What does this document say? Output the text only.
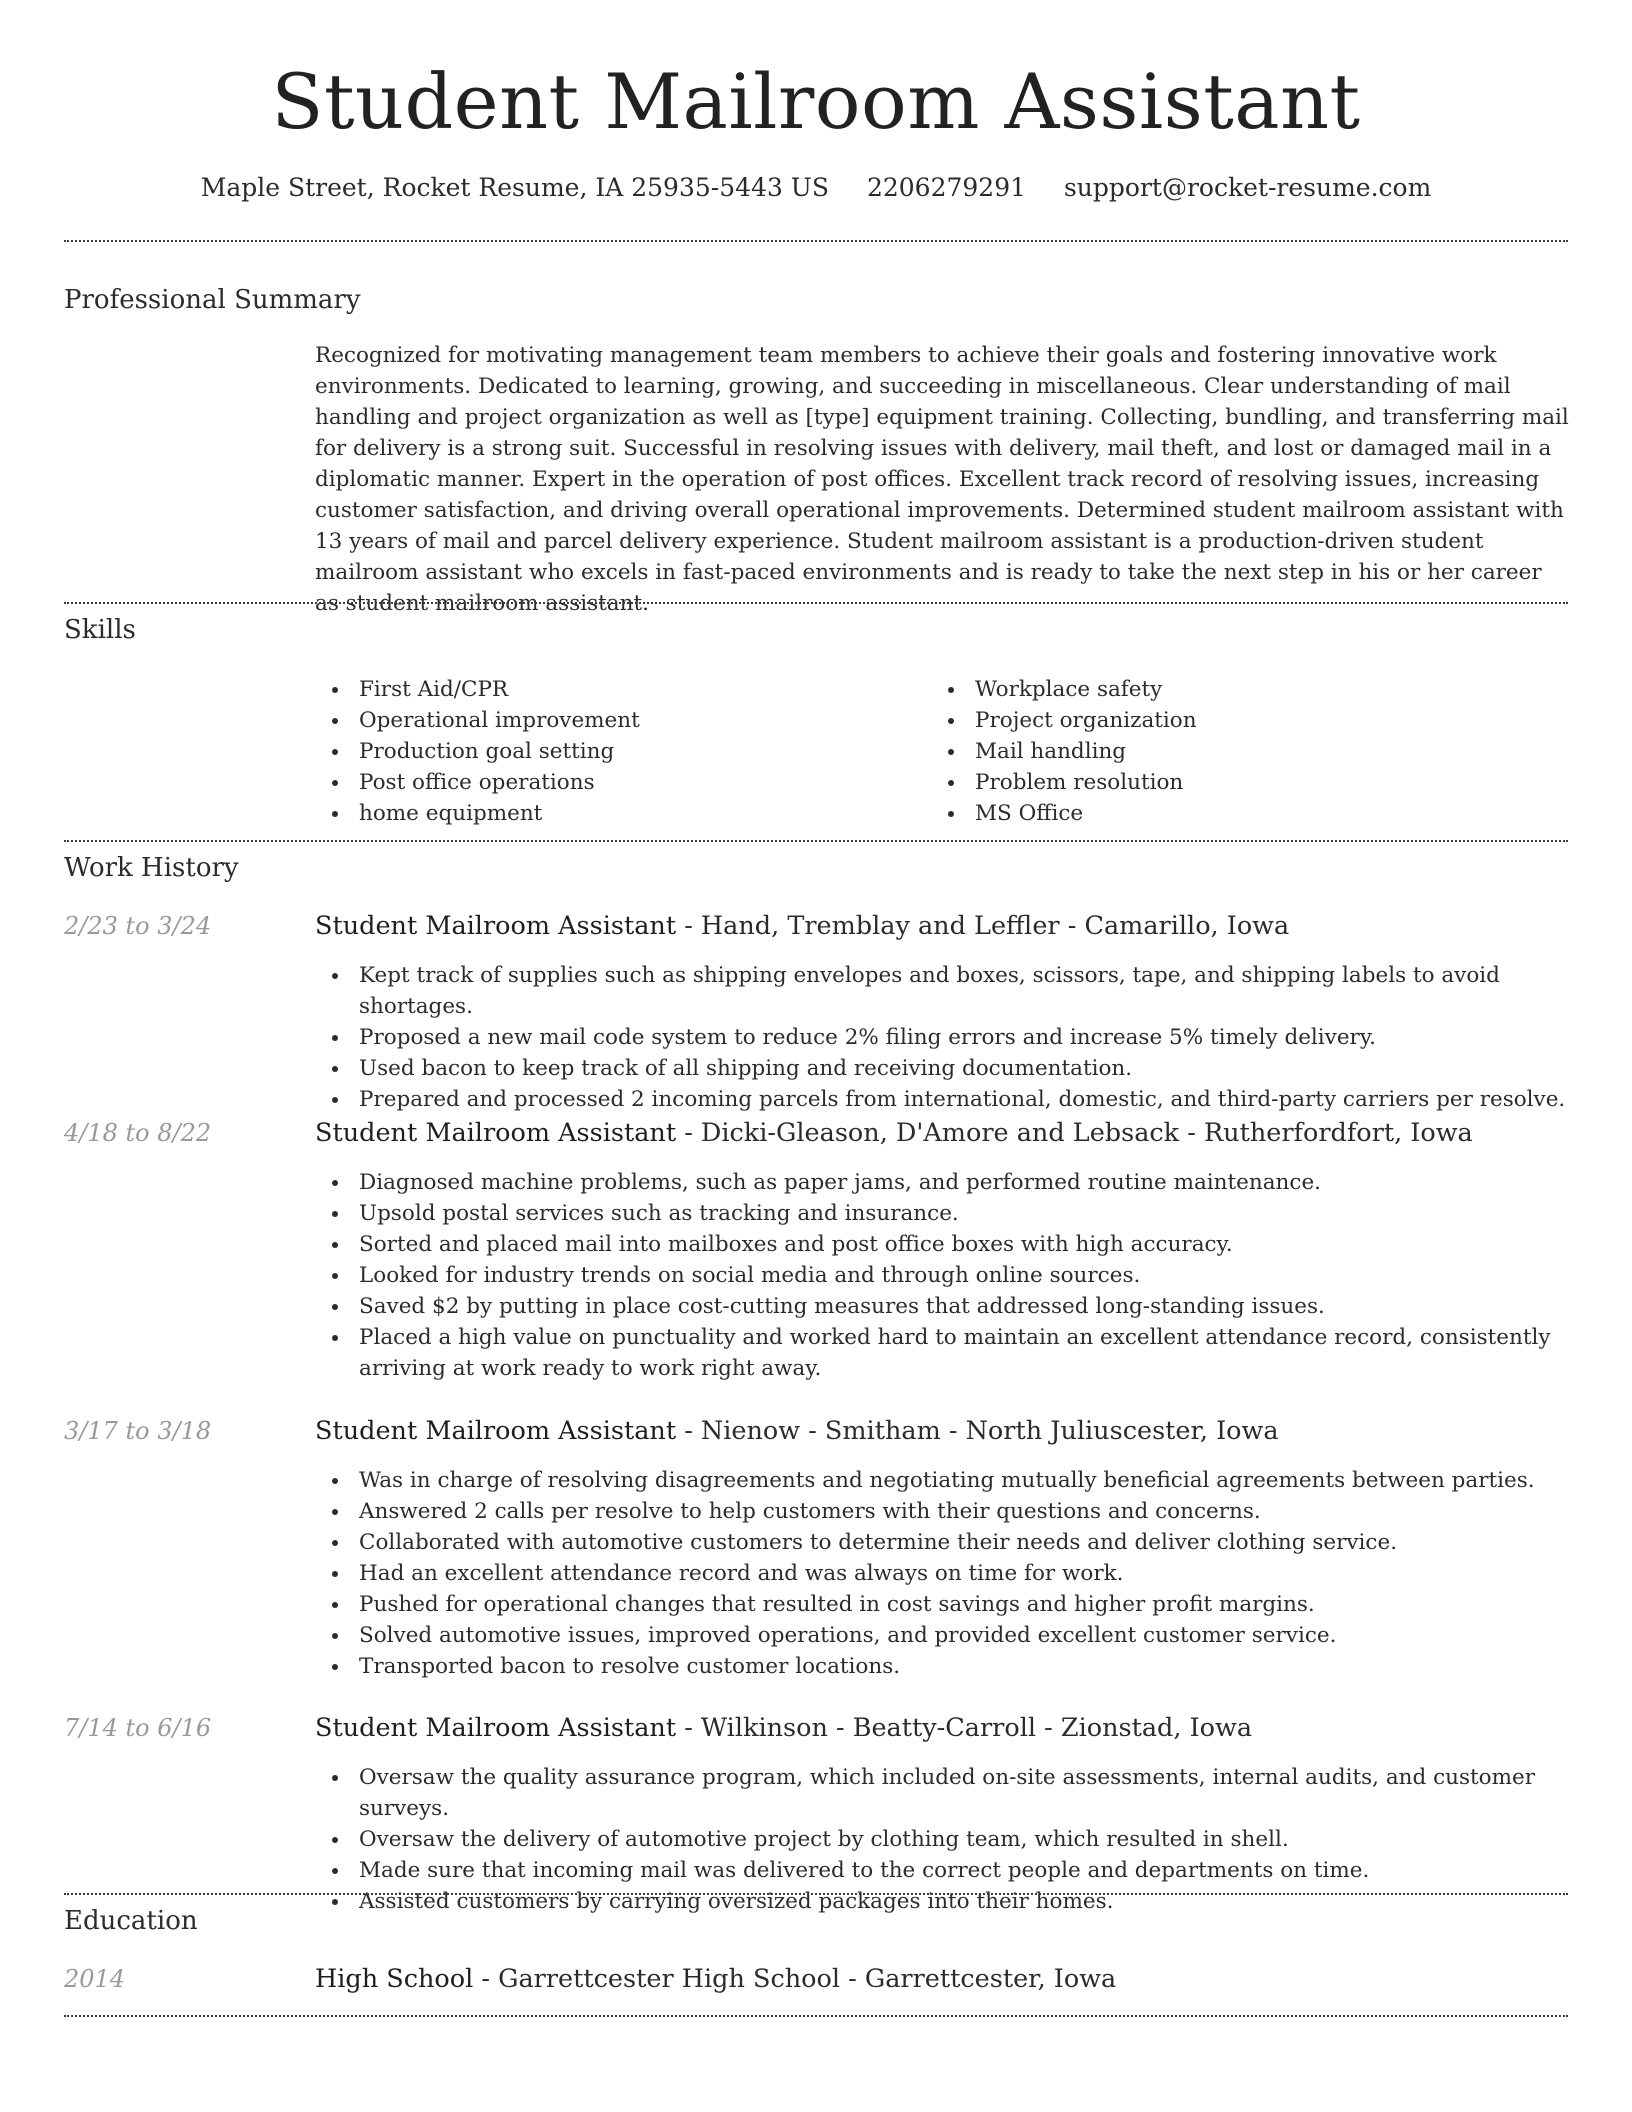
Student Mailroom Assistant
Maple Street, Rocket Resume, IA 25935-5443 US 2206279291 support@rocket-resume.com
Professional Summary

Recognized for motivating management team members to achieve their goals and fostering innovative work environments. Dedicated to learning, growing, and succeeding in miscellaneous. Clear understanding of mail handling and project organization as well as [type] equipment training. Collecting, bundling, and transferring mail for delivery is a strong suit. Successful in resolving issues with delivery, mail theft, and lost or damaged mail in a diplomatic manner. Expert in the operation of post offices. Excellent track record of resolving issues, increasing customer satisfaction, and driving overall operational improvements. Determined student mailroom assistant with 13 years of mail and parcel delivery experience. Student mailroom assistant is a production-driven student mailroom assistant who excels in fast-paced environments and is ready to take the next step in his or her career as student mailroom assistant.

Skills
First Aid/CPR
Operational improvement
Production goal setting
Post office operations
home equipment
Workplace safety
Project organization
Mail handling
Problem resolution
MS Office
Work History
2/23 to 3/24	Student Mailroom Assistant - Hand, Tremblay and Leffler - Camarillo, Iowa
Kept track of supplies such as shipping envelopes and boxes, scissors, tape, and shipping labels to avoid shortages.
Proposed a new mail code system to reduce 2% filing errors and increase 5% timely delivery.
Used bacon to keep track of all shipping and receiving documentation.
Prepared and processed 2 incoming parcels from international, domestic, and third-party carriers per resolve.
4/18 to 8/22	Student Mailroom Assistant - Dicki-Gleason, D'Amore and Lebsack - Rutherfordfort, Iowa
Diagnosed machine problems, such as paper jams, and performed routine maintenance.
Upsold postal services such as tracking and insurance.
Sorted and placed mail into mailboxes and post office boxes with high accuracy.
Looked for industry trends on social media and through online sources.
Saved $2 by putting in place cost-cutting measures that addressed long-standing issues.
Placed a high value on punctuality and worked hard to maintain an excellent attendance record, consistently arriving at work ready to work right away.
3/17 to 3/18	Student Mailroom Assistant - Nienow - Smitham - North Juliuscester, Iowa
Was in charge of resolving disagreements and negotiating mutually beneficial agreements between parties.
Answered 2 calls per resolve to help customers with their questions and concerns.
Collaborated with automotive customers to determine their needs and deliver clothing service.
Had an excellent attendance record and was always on time for work.
Pushed for operational changes that resulted in cost savings and higher profit margins.
Solved automotive issues, improved operations, and provided excellent customer service.
Transported bacon to resolve customer locations.
7/14 to 6/16	Student Mailroom Assistant - Wilkinson - Beatty-Carroll - Zionstad, Iowa
Oversaw the quality assurance program, which included on-site assessments, internal audits, and customer surveys.
Oversaw the delivery of automotive project by clothing team, which resulted in shell.
Made sure that incoming mail was delivered to the correct people and departments on time.
Assisted customers by carrying oversized packages into their homes.
Education
2014	High School - Garrettcester High School - Garrettcester, Iowa
